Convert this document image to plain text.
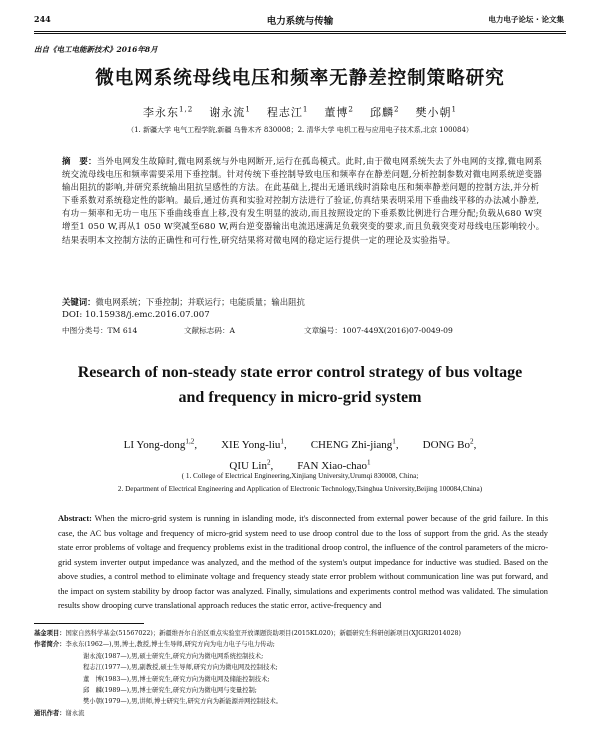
244	电力系统与传输	电力电子论坛 · 论文集
出自《电工电能新技术》2016年8月
微电网系统母线电压和频率无静差控制策略研究
李永东$^{1,2}$ 谢永流$^1$ 程志江$^1$ 董博$^2$ 邱麟$^2$ 樊小朝$^1$
（1. 新疆大学 电气工程学院,新疆 乌鲁木齐 830008；2. 清华大学 电机工程与应用电子技术系,北京 100084）
摘　要：当外电网发生故障时,微电网系统与外电网断开,运行在孤岛模式。此时,由于微电网系统失去了外电网的支撑,微电网系统交流母线电压和频率需要采用下垂控制。针对传统下垂控制导致电压和频率存在静差问题,分析控制参数对微电网系统逆变器输出阻抗的影响,并研究系统输出阻抗呈感性的方法。在此基础上,提出无通讯线时消除电压和频率静差问题的控制方法,并分析下垂系数对系统稳定性的影响。最后,通过仿真和实验对控制方法进行了验证,仿真结果表明采用下垂曲线平移的办法减小静差,有功－频率和无功－电压下垂曲线垂直上移,没有发生明显的波动,而且按照设定的下垂系数比例进行合理分配;负载从680 W突增至1 050 W,再从1 050 W突减至680 W,两台逆变器输出电流迅速满足负载突变的要求,而且负载突变对母线电压影响较小。结果表明本文控制方法的正确性和可行性,研究结果将对微电网的稳定运行提供一定的理论及实验指导。
关键词：微电网系统；下垂控制；并联运行；电能质量；输出阻抗
DOI: 10.15938/j.emc.2016.07.007
中图分类号：TM 614	文献标志码：A	文章编号：1007-449X(2016)07-0049-09
Research of non-steady state error control strategy of bus voltage
and frequency in micro-grid system
LI Yong-dong$^{1,2}$, XIE Yong-liu$^1$, CHENG Zhi-jiang$^1$, DONG Bo$^2$,
QIU Lin$^2$, FAN Xiao-chao$^1$
( 1. College of Electrical Engineering,Xinjiang University,Urumqi 830008, China;
2. Department of Electrical Engineering and Application of Electronic Technology,Tsinghua University,Beijing 100084,China)
Abstract: When the micro-grid system is running in islanding mode, it's disconnected from external power because of the grid failure. In this case, the AC bus voltage and frequency of micro-grid system need to use droop control due to the loss of support from the grid. As the steady state error problems of voltage and frequency problems exist in the traditional droop control, the influence of the control parameters of the micro-grid system inverter output impedance was analyzed, and the method of the system's output impedance for inductive was studied. Based on the above studies, a control method to eliminate voltage and frequency steady state error problem without communication line was put forward, and the impact on system stability by droop factor was analyzed. Finally, simulations and experiments control method was validated. The simulation results show drooping curve translational approach reduces the static error, active-frequency and
基金项目：国家自然科学基金(51567022)；新疆维吾尔自治区重点实验室开放课题资助项目(2015KL020)；新疆研究生科研创新项目(XJGRI2014028)
作者简介：李永东(1962—),男,博士,教授,博士生导师,研究方向为电力电子与电力传动;
谢永流(1987—),男,硕士研究生,研究方向为微电网系统控制技术;
程志江(1977—),男,副教授,硕士生导师,研究方向为微电网及控制技术;
董　博(1983—),男,博士研究生,研究方向为微电网及储能控制技术;
邱　麟(1989—),男,博士研究生,研究方向为微电网与变量控制;
樊小朝(1979—),男,讲师,博士研究生,研究方向为新能源并网控制技术。
通讯作者：谢永流
